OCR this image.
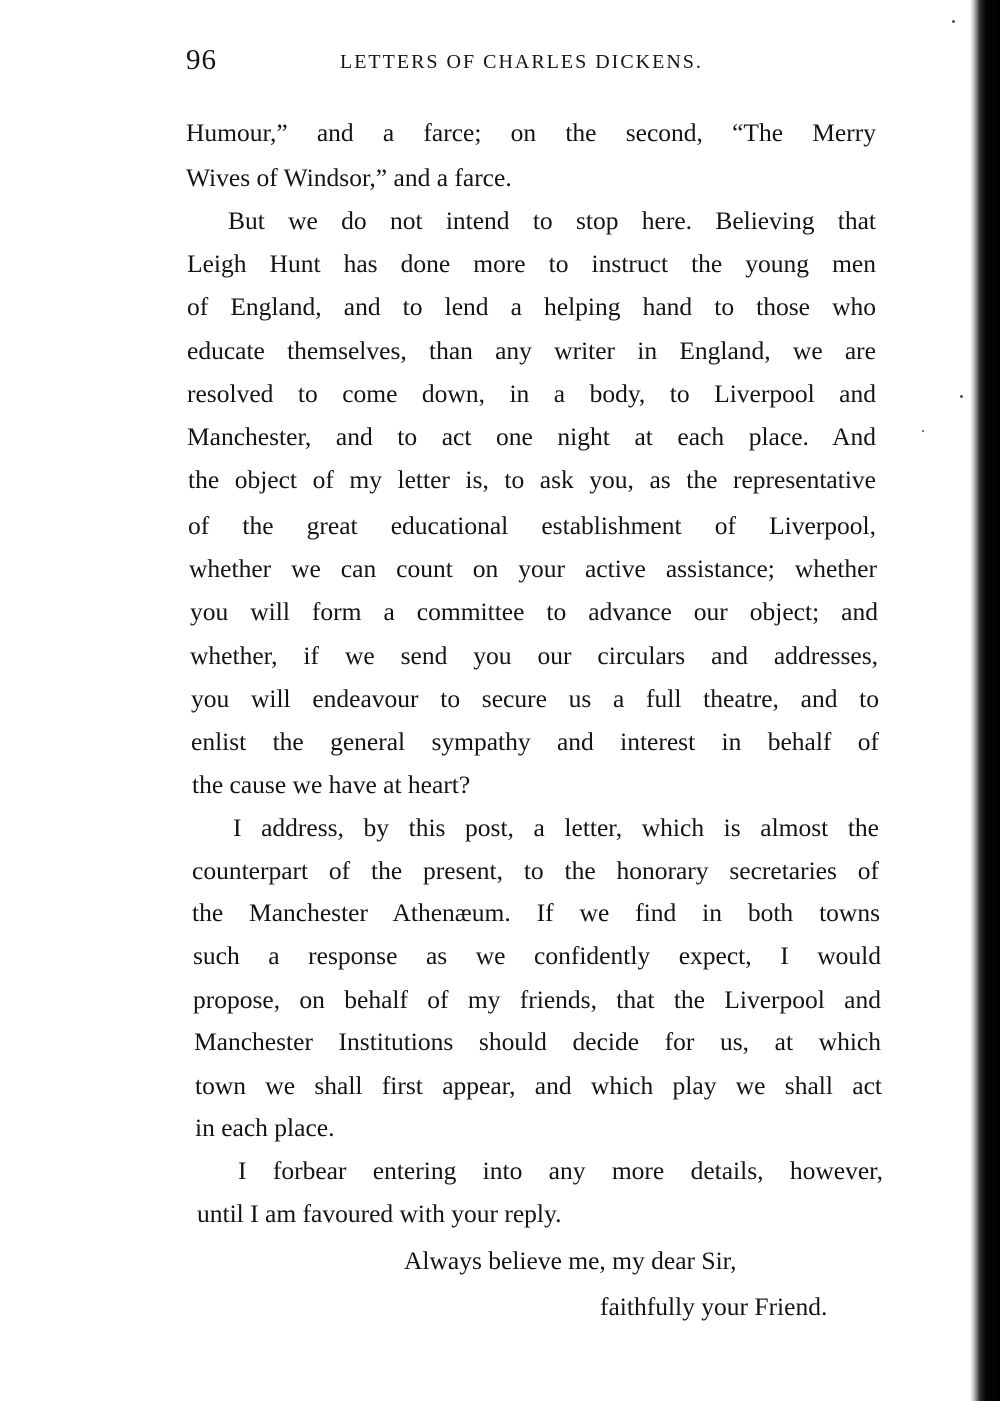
96	LETTERS OF CHARLES DICKENS.
Humour,” and a farce; on the second, “The Merry
Wives of Windsor,” and a farce.
But we do not intend to stop here. Believing that
Leigh Hunt has done more to instruct the young men
of England, and to lend a helping hand to those who
educate themselves, than any writer in England, we are
resolved to come down, in a body, to Liverpool and
Manchester, and to act one night at each place. And
the object of my letter is, to ask you, as the representative
of the great educational establishment of Liverpool,
whether we can count on your active assistance; whether
you will form a committee to advance our object; and
whether, if we send you our circulars and addresses,
you will endeavour to secure us a full theatre, and to
enlist the general sympathy and interest in behalf of
the cause we have at heart?
I address, by this post, a letter, which is almost the
counterpart of the present, to the honorary secretaries of
the Manchester Athenæum. If we find in both towns
such a response as we confidently expect, I would
propose, on behalf of my friends, that the Liverpool and
Manchester Institutions should decide for us, at which
town we shall first appear, and which play we shall act
in each place.
I forbear entering into any more details, however,
until I am favoured with your reply.
Always believe me, my dear Sir,
faithfully your Friend.
